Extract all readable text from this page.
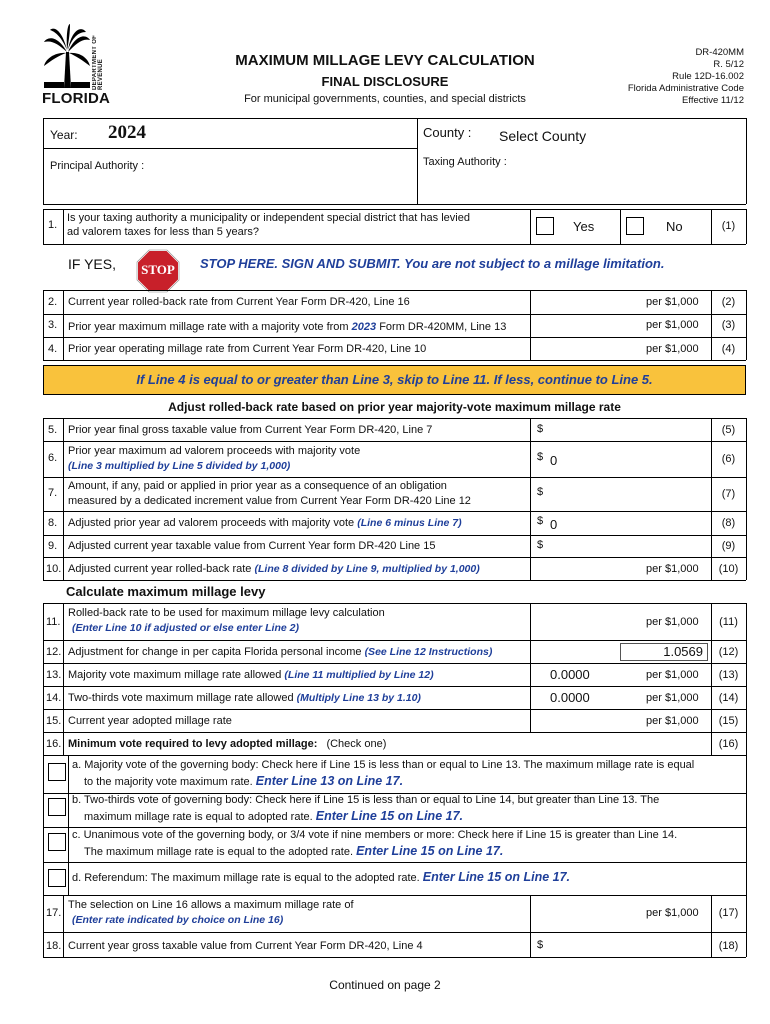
DEPARTMENT OF REVENUE
FLORIDA
MAXIMUM MILLAGE LEVY CALCULATION
FINAL DISCLOSURE
For municipal governments, counties, and special districts
DR-420MM
R. 5/12
Rule 12D-16.002
Florida Administrative Code
Effective 11/12
Year: 2024	County : Select County
Principal Authority :	Taxing Authority :
1.
Is your taxing authority a municipality or independent special district that has levied
ad valorem taxes for less than 5 years?	Yes	No	(1)
IF YES,	STOP	STOP HERE. SIGN AND SUBMIT. You are not subject to a millage limitation.
2. Current year rolled-back rate from Current Year Form DR-420, Line 16	per $1,000	(2)
3. Prior year maximum millage rate with a majority vote from 2023 Form DR-420MM, Line 13	per $1,000	(3)
4. Prior year operating millage rate from Current Year Form DR-420, Line 10	per $1,000	(4)
If Line 4 is equal to or greater than Line 3, skip to Line 11. If less, continue to Line 5.
Adjust rolled-back rate based on prior year majority-vote maximum millage rate
5. Prior year final gross taxable value from Current Year Form DR-420, Line 7	$	(5)
6.
Prior year maximum ad valorem proceeds with majority vote
(Line 3 multiplied by Line 5 divided by 1,000)
$ 0	(6)
7.
Amount, if any, paid or applied in prior year as a consequence of an obligation
measured by a dedicated increment value from Current Year Form DR-420 Line 12
$	(7)
8. Adjusted prior year ad valorem proceeds with majority vote (Line 6 minus Line 7)	$ 0	(8)
9. Adjusted current year taxable value from Current Year form DR-420 Line 15	$	(9)
10. Adjusted current year rolled-back rate (Line 8 divided by Line 9, multiplied by 1,000)	per $1,000	(10)
Calculate maximum millage levy
11.
Rolled-back rate to be used for maximum millage levy calculation
(Enter Line 10 if adjusted or else enter Line 2)	per $1,000	(11)
12. Adjustment for change in per capita Florida personal income (See Line 12 Instructions)	1.0569	(12)
13. Majority vote maximum millage rate allowed (Line 11 multiplied by Line 12)	0.0000	per $1,000	(13)
14. Two-thirds vote maximum millage rate allowed (Multiply Line 13 by 1.10)	0.0000	per $1,000	(14)
15. Current year adopted millage rate	per $1,000	(15)
16. Minimum vote required to levy adopted millage: (Check one)	(16)
a. Majority vote of the governing body: Check here if Line 15 is less than or equal to Line 13. The maximum millage rate is equal
to the majority vote maximum rate. Enter Line 13 on Line 17.
b. Two-thirds vote of governing body: Check here if Line 15 is less than or equal to Line 14, but greater than Line 13. The
maximum millage rate is equal to adopted rate. Enter Line 15 on Line 17.
c. Unanimous vote of the governing body, or 3/4 vote if nine members or more: Check here if Line 15 is greater than Line 14.
The maximum millage rate is equal to the adopted rate. Enter Line 15 on Line 17.
d. Referendum: The maximum millage rate is equal to the adopted rate. Enter Line 15 on Line 17.
17.
The selection on Line 16 allows a maximum millage rate of
(Enter rate indicated by choice on Line 16)
per $1,000	(17)
18. Current year gross taxable value from Current Year Form DR-420, Line 4	$	(18)
Continued on page 2
